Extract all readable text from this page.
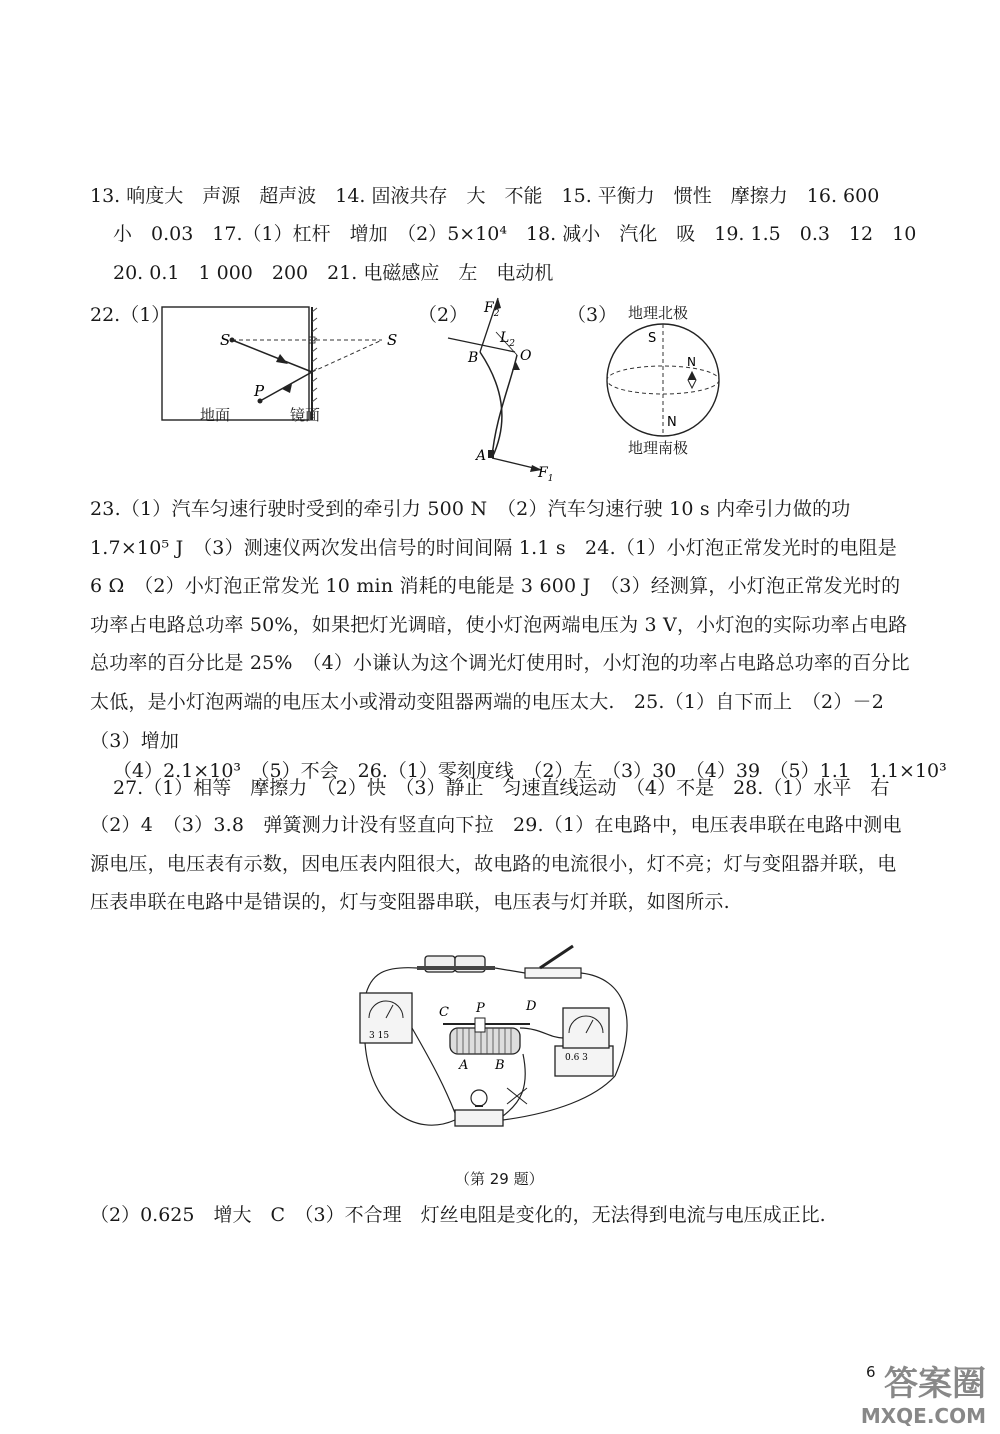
13. 响度大　声源　超声波　14. 固液共存　大　不能　15. 平衡力　惯性　摩擦力　16. 600
小　0.03　17.（1）杠杆　增加　（2）5×10⁴　18. 减小　汽化　吸　19. 1.5　0.3　12　10
20. 0.1　1 000　200　21. 电磁感应　左　电动机
22.（1）	（2）	（3）
S	S
P
地面	镜面
$F_2$
$L_2$
B	O
A
$F_1$
地理北极
S
N
N
地理南极
23.（1）汽车匀速行驶时受到的牵引力 500 N　（2）汽车匀速行驶 10 s 内牵引力做的功 1.7×10⁵ J　（3）测速仪两次发出信号的时间间隔 1.1 s　24.（1）小灯泡正常发光时的电阻是 6 Ω　（2）小灯泡正常发光 10 min 消耗的电能是 3 600 J　（3）经测算，小灯泡正常发光时的功率占电路总功率 50%，如果把灯光调暗，使小灯泡两端电压为 3 V，小灯泡的实际功率占电路总功率的百分比是 25%　（4）小谦认为这个调光灯使用时，小灯泡的功率占电路总功率的百分比太低，是小灯泡两端的电压太小或滑动变阻器两端的电压太大.　25.（1）自下而上　（2）－2　（3）增加
（4）2.1×10³　（5）不会　26.（1）零刻度线　（2）左　（3）30　（4）39　（5）1.1　1.1×10³
27.（1）相等　摩擦力　（2）快　（3）静止　匀速直线运动　（4）不是　28.（1）水平　右
（2）4　（3）3.8　弹簧测力计没有竖直向下拉　29.（1）在电路中，电压表串联在电路中测电源电压，电压表有示数，因电压表内阻很大，故电路的电流很小，灯不亮；灯与变阻器并联，电压表串联在电路中是错误的，灯与变阻器串联，电压表与灯并联，如图所示.
3 15
0.6 3
C P	D
A B
（第 29 题）
（2）0.625　增大　C　（3）不合理　灯丝电阻是变化的，无法得到电流与电压成正比.
6 答案圈
MXQE.COM
